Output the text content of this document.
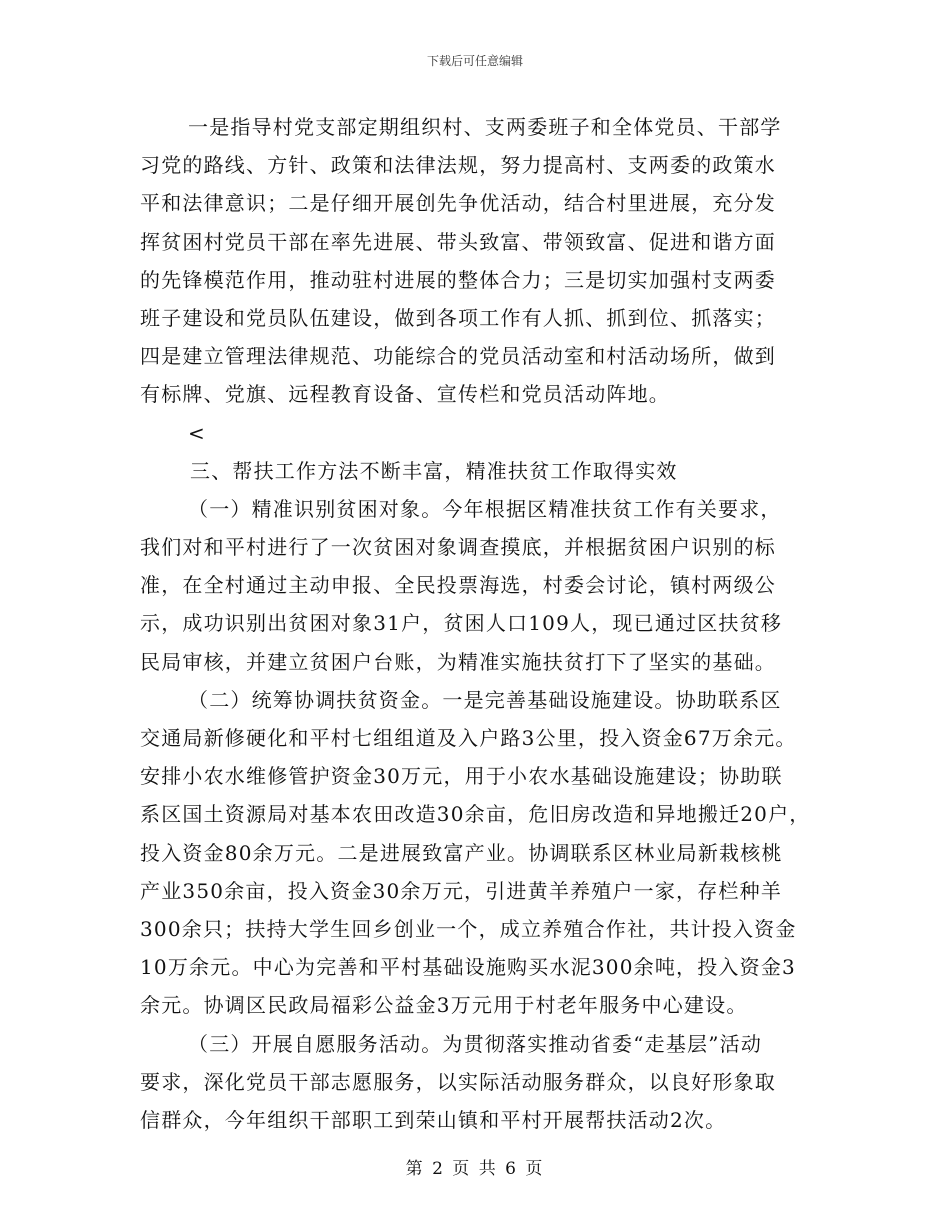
下载后可任意编辑
一是指导村党支部定期组织村、支两委班子和全体党员、干部学
习党的路线、方针、政策和法律法规，努力提高村、支两委的政策水
平和法律意识；二是仔细开展创先争优活动，结合村里进展，充分发
挥贫困村党员干部在率先进展、带头致富、带领致富、促进和谐方面
的先锋模范作用，推动驻村进展的整体合力；三是切实加强村支两委
班子建设和党员队伍建设，做到各项工作有人抓、抓到位、抓落实；
四是建立管理法律规范、功能综合的党员活动室和村活动场所，做到
有标牌、党旗、远程教育设备、宣传栏和党员活动阵地。
<
三、帮扶工作方法不断丰富，精准扶贫工作取得实效
（一）精准识别贫困对象。今年根据区精准扶贫工作有关要求，
我们对和平村进行了一次贫困对象调查摸底，并根据贫困户识别的标
准，在全村通过主动申报、全民投票海选，村委会讨论，镇村两级公
示，成功识别出贫困对象31户，贫困人口109人，现已通过区扶贫移
民局审核，并建立贫困户台账，为精准实施扶贫打下了坚实的基础。
（二）统筹协调扶贫资金。一是完善基础设施建设。协助联系区
交通局新修硬化和平村七组组道及入户路3公里，投入资金67万余元。
安排小农水维修管护资金30万元，用于小农水基础设施建设；协助联
系区国土资源局对基本农田改造30余亩，危旧房改造和异地搬迁20户，
投入资金80余万元。二是进展致富产业。协调联系区林业局新栽核桃
产业350余亩，投入资金30余万元，引进黄羊养殖户一家，存栏种羊
300余只；扶持大学生回乡创业一个，成立养殖合作社，共计投入资金
10万余元。中心为完善和平村基础设施购买水泥300余吨，投入资金3
余元。协调区民政局福彩公益金3万元用于村老年服务中心建设。
（三）开展自愿服务活动。为贯彻落实推动省委“走基层”活动
要求，深化党员干部志愿服务，以实际活动服务群众，以良好形象取
信群众，今年组织干部职工到荣山镇和平村开展帮扶活动2次。
第 2 页 共 6 页
